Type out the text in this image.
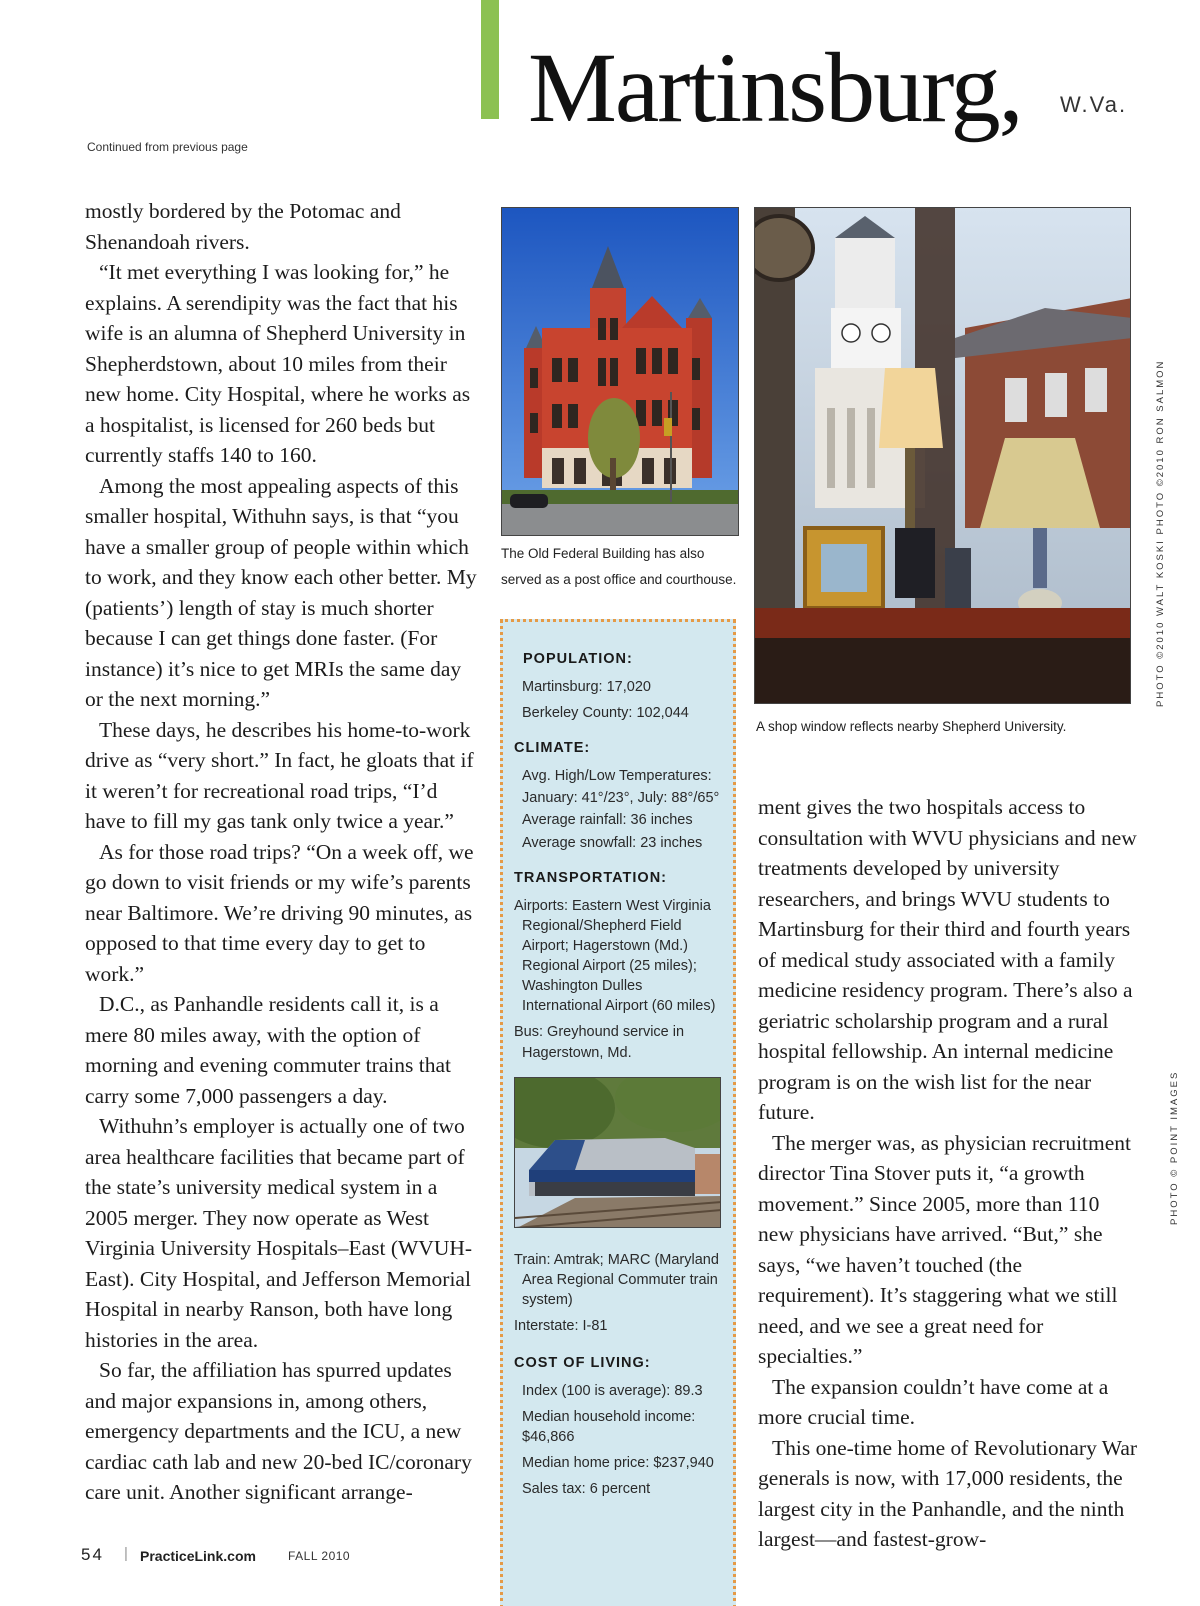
Martinsburg, W.Va.
Continued from previous page

mostly bordered by the Potomac and Shenandoah rivers.

“It met everything I was looking for,” he explains. A serendipity was the fact that his wife is an alumna of Shepherd University in Shepherdstown, about 10 miles from their new home. City Hospital, where he works as a hospitalist, is licensed for 260 beds but currently staffs 140 to 160.

Among the most appealing aspects of this smaller hospital, Withuhn says, is that “you have a smaller group of people within which to work, and they know each other better. My (patients’) length of stay is much shorter because I can get things done faster. (For instance) it’s nice to get MRIs the same day or the next morning.”

These days, he describes his home-to-work drive as “very short.” In fact, he gloats that if it weren’t for recreational road trips, “I’d have to fill my gas tank only twice a year.”

As for those road trips? “On a week off, we go down to visit friends or my wife’s parents near Baltimore. We’re driving 90 minutes, as opposed to that time every day to get to work.”

D.C., as Panhandle residents call it, is a mere 80 miles away, with the option of morning and evening commuter trains that carry some 7,000 passengers a day.

Withuhn’s employer is actually one of two area healthcare facilities that became part of the state’s university medical system in a 2005 merger. They now operate as West Virginia University Hospitals–East (WVUH-East). City Hospital, and Jefferson Memorial Hospital in nearby Ranson, both have long histories in the area.

So far, the affiliation has spurred updates and major expansions in, among others, emergency departments and the ICU, a new cardiac cath lab and new 20-bed IC/coronary care unit. Another significant arrange-

The Old Federal Building has also
served as a post office and courthouse.
A shop window reflects nearby Shepherd University.
PHOTO ©2010 WALT KOSKI PHOTO ©2010 RON SALMON
PHOTO © POINT IMAGES
POPULATION:
Martinsburg: 17,020
Berkeley County: 102,044
CLIMATE:
Avg. High/Low Temperatures:
January: 41°/23°, July: 88°/65°
Average rainfall: 36 inches
Average snowfall: 23 inches
TRANSPORTATION:
Airports: Eastern West Virginia
Regional/Shepherd Field
Airport; Hagerstown (Md.)
Regional Airport (25 miles);
Washington Dulles
International Airport (60 miles)
Bus: Greyhound service in
Hagerstown, Md.
Train: Amtrak; MARC (Maryland
Area Regional Commuter train
system)
Interstate: I-81
COST OF LIVING:
Index (100 is average): 89.3
Median household income:
$46,866
Median home price: $237,940
Sales tax: 6 percent

ment gives the two hospitals access to consultation with WVU physicians and new treatments developed by university researchers, and brings WVU students to Martinsburg for their third and fourth years of medical study associated with a family medicine residency program. There’s also a geriatric scholarship program and a rural hospital fellowship. An internal medicine program is on the wish list for the near future.

The merger was, as physician recruitment director Tina Stover puts it, “a growth movement.” Since 2005, more than 110 new physicians have arrived. “But,” she says, “we haven’t touched (the requirement). It’s staggering what we still need, and we see a great need for specialties.”

The expansion couldn’t have come at a more crucial time.

This one-time home of Revolutionary War generals is now, with 17,000 residents, the largest city in the Panhandle, and the ninth largest—and fastest-grow-

54 | PracticeLink.com	FALL 2010
